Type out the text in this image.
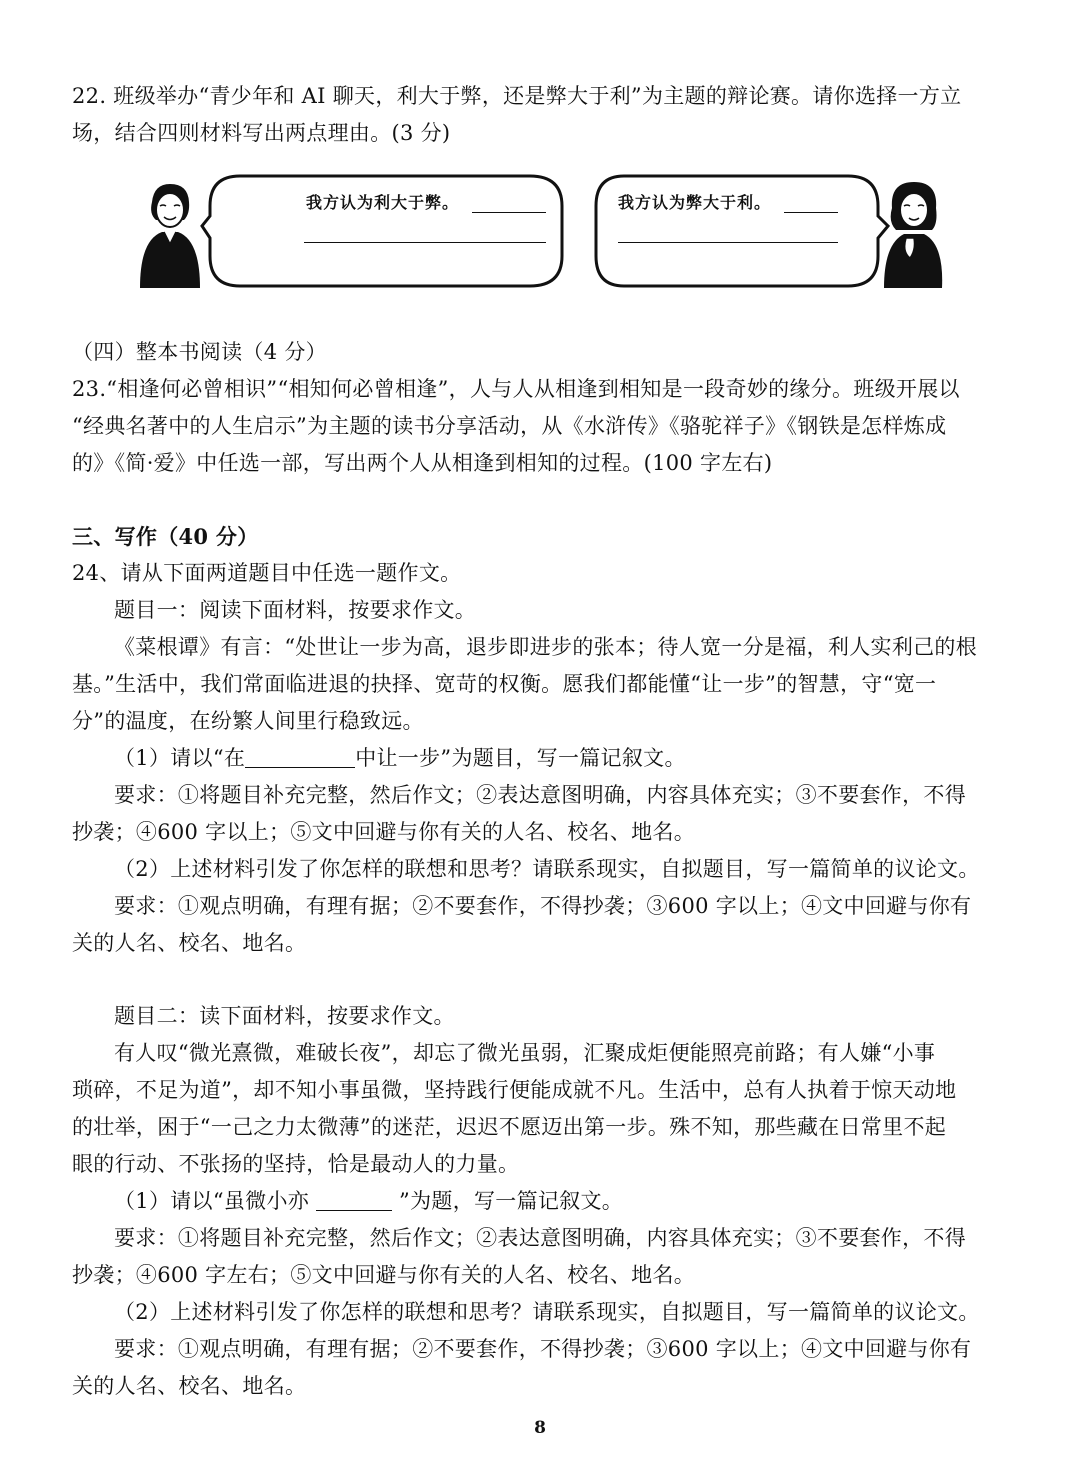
22. 班级举办“青少年和 AI 聊天，利大于弊，还是弊大于利”为主题的辩论赛。请你选择一方立

场，结合四则材料写出两点理由。(3 分)

我方认为利大于弊。	我方认为弊大于利。

（四）整本书阅读（4 分）

23.“相逢何必曾相识”“相知何必曾相逢”，人与人从相逢到相知是一段奇妙的缘分。班级开展以

“经典名著中的人生启示”为主题的读书分享活动，从《水浒传》《骆驼祥子》《钢铁是怎样炼成

的》《简·爱》中任选一部，写出两个人从相逢到相知的过程。(100 字左右)

三、写作（40 分）

24、请从下面两道题目中任选一题作文。

题目一：阅读下面材料，按要求作文。

《菜根谭》有言：“处世让一步为高，退步即进步的张本；待人宽一分是福，利人实利己的根

基。”生活中，我们常面临进退的抉择、宽苛的权衡。愿我们都能懂“让一步”的智慧，守“宽一

分”的温度，在纷繁人间里行稳致远。

（1）请以“在	中让一步”为题目，写一篇记叙文。

要求：①将题目补充完整，然后作文；②表达意图明确，内容具体充实；③不要套作，不得

抄袭；④600 字以上；⑤文中回避与你有关的人名、校名、地名。

（2）上述材料引发了你怎样的联想和思考？请联系现实，自拟题目，写一篇简单的议论文。

要求：①观点明确，有理有据；②不要套作，不得抄袭；③600 字以上；④文中回避与你有

关的人名、校名、地名。

题目二：读下面材料，按要求作文。

有人叹“微光熹微，难破长夜”，却忘了微光虽弱，汇聚成炬便能照亮前路；有人嫌“小事

琐碎，不足为道”，却不知小事虽微，坚持践行便能成就不凡。生活中，总有人执着于惊天动地

的壮举，困于“一己之力太微薄”的迷茫，迟迟不愿迈出第一步。殊不知，那些藏在日常里不起

眼的行动、不张扬的坚持，恰是最动人的力量。

（1）请以“虽微小亦	”为题，写一篇记叙文。

要求：①将题目补充完整，然后作文；②表达意图明确，内容具体充实；③不要套作，不得

抄袭；④600 字左右；⑤文中回避与你有关的人名、校名、地名。

（2）上述材料引发了你怎样的联想和思考？请联系现实，自拟题目，写一篇简单的议论文。

要求：①观点明确，有理有据；②不要套作，不得抄袭；③600 字以上；④文中回避与你有

关的人名、校名、地名。

8
